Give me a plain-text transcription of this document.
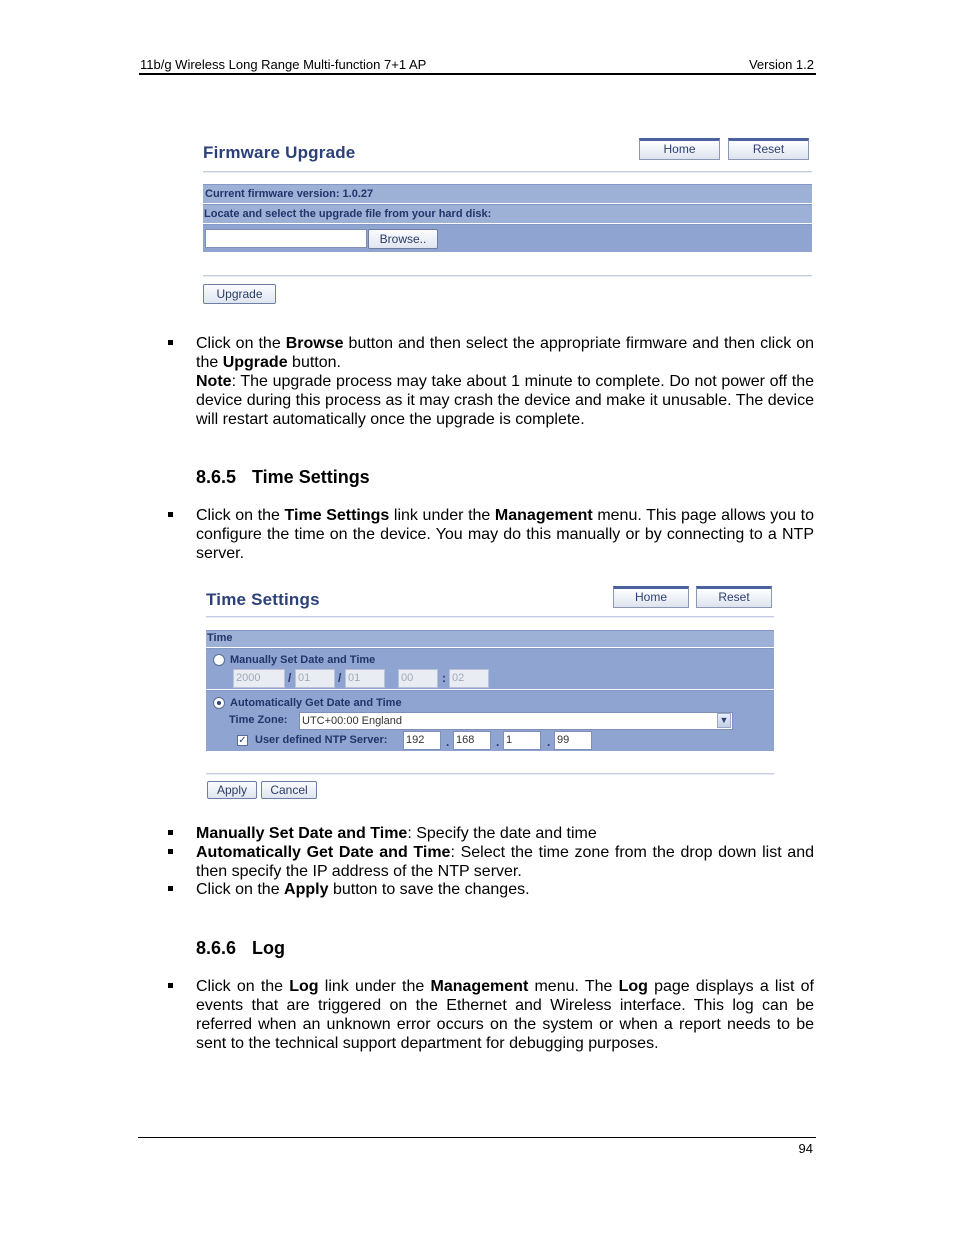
11b/g Wireless Long Range Multi-function 7+1 AP	Version 1.2
Firmware Upgrade	Home	Reset
Current firmware version: 1.0.27
Locate and select the upgrade file from your hard disk:
Browse..
Upgrade
Click on the Browse button and then select the appropriate firmware and then click on the Upgrade button.
Note: The upgrade process may take about 1 minute to complete. Do not power off the device during this process as it may crash the device and make it unusable. The device will restart automatically once the upgrade is complete.
8.6.5 Time Settings
Click on the Time Settings link under the Management menu. This page allows you to configure the time on the device. You may do this manually or by connecting to a NTP server.
Time Settings	Home	Reset
Time
Manually Set Date and Time
2000	/ 01	/ 01	00	: 02
Automatically Get Date and Time
Time Zone: UTC+00:00 England	▼
✓ User defined NTP Server: 192	. 168	. 1	. 99
Apply	Cancel
Manually Set Date and Time: Specify the date and time
Automatically Get Date and Time: Select the time zone from the drop down list and then specify the IP address of the NTP server.
Click on the Apply button to save the changes.
8.6.6 Log
Click on the Log link under the Management menu. The Log page displays a list of events that are triggered on the Ethernet and Wireless interface. This log can be referred when an unknown error occurs on the system or when a report needs to be sent to the technical support department for debugging purposes.
94
